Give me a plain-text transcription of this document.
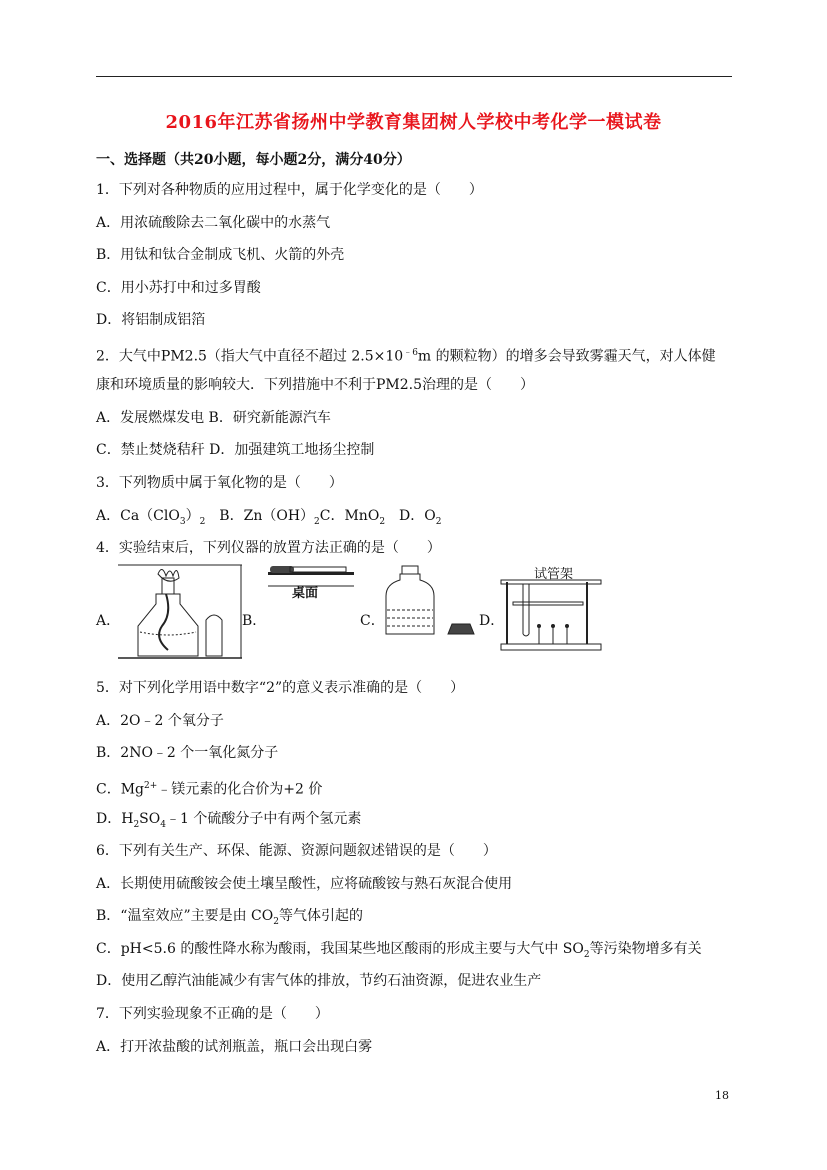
2016年江苏省扬州中学教育集团树人学校中考化学一模试卷
一、选择题（共20小题，每小题2分，满分40分）
1．下列对各种物质的应用过程中，属于化学变化的是（　　）
A．用浓硫酸除去二氧化碳中的水蒸气
B．用钛和钛合金制成飞机、火箭的外壳
C．用小苏打中和过多胃酸
D．将铝制成铝箔
2．大气中PM2.5（指大气中直径不超过 $2.5\times 10^{﹣6}m$ 的颗粒物）的增多会导致雾霾天气，对人体健
康和环境质量的影响较大．下列措施中不利于PM2.5治理的是（　　）
A．发展燃煤发电 B．研究新能源汽车
C．禁止焚烧秸秆 D．加强建筑工地扬尘控制
3．下列物质中属于氧化物的是（　　）
A．$Ca(ClO_3)_2$　B．$Zn(OH)_2C$．MnO$_2$　D．$O_2$
4．实验结束后，下列仪器的放置方法正确的是（　　）
A．	B．
桌面
C．	D．
试管架
5．对下列化学用语中数字“2”的意义表示准确的是（　　）
A．2O﹣2 个氧分子
B．2NO﹣2 个一氧化氮分子
C．$Mg^{2+}﹣$镁元素的化合价为+2 价
D．$H_2SO_4﹣1$ 个硫酸分子中有两个氢元素
6．下列有关生产、环保、能源、资源问题叙述错误的是（　　）
A．长期使用硫酸铵会使土壤呈酸性，应将硫酸铵与熟石灰混合使用
B．“温室效应”主要是由 $CO_2$等气体引起的
C．pH<5.6 的酸性降水称为酸雨，我国某些地区酸雨的形成主要与大气中 $SO_2$等污染物增多有关
D．使用乙醇汽油能减少有害气体的排放，节约石油资源，促进农业生产
7．下列实验现象不正确的是（　　）
A．打开浓盐酸的试剂瓶盖，瓶口会出现白雾
18
